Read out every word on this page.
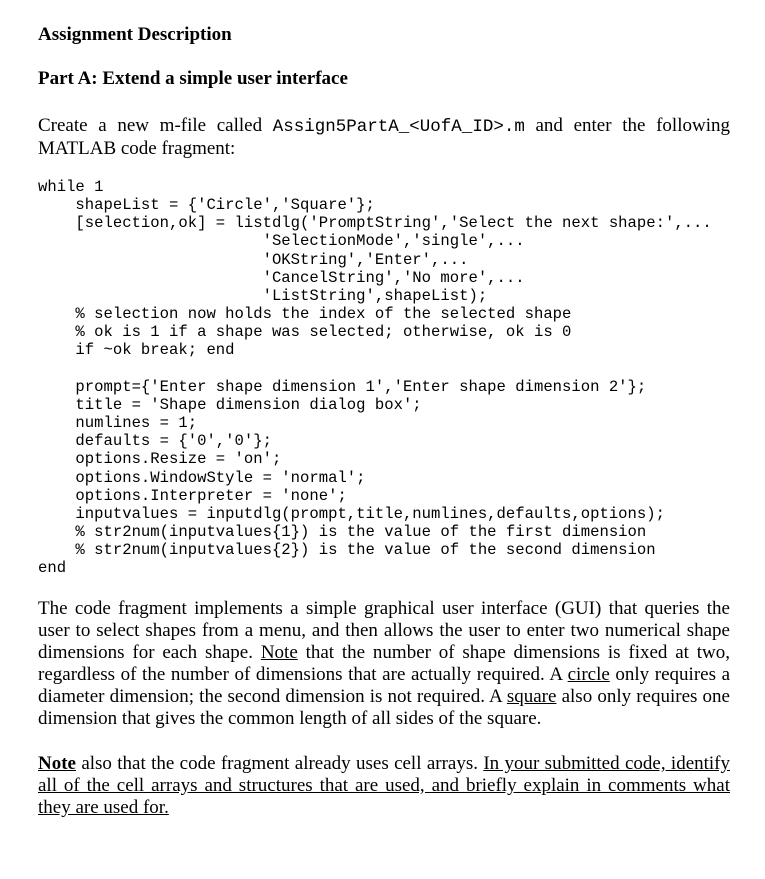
Assignment Description
Part A: Extend a simple user interface
Create a new m-file called Assign5PartA_<UofA_ID>.m and enter the following MATLAB code fragment:
while 1
shapeList = {'Circle','Square'};
[selection,ok] = listdlg('PromptString','Select the next shape:',...
'SelectionMode','single',...
'OKString','Enter',...
'CancelString','No more',...
'ListString',shapeList);
% selection now holds the index of the selected shape
% ok is 1 if a shape was selected; otherwise, ok is 0
if ~ok break; end

prompt={'Enter shape dimension 1','Enter shape dimension 2'};
title = 'Shape dimension dialog box';
numlines = 1;
defaults = {'0','0'};
options.Resize = 'on';
options.WindowStyle = 'normal';
options.Interpreter = 'none';
inputvalues = inputdlg(prompt,title,numlines,defaults,options);
% str2num(inputvalues{1}) is the value of the first dimension
% str2num(inputvalues{2}) is the value of the second dimension
end
The code fragment implements a simple graphical user interface (GUI) that queries the user to select shapes from a menu, and then allows the user to enter two numerical shape dimensions for each shape. Note that the number of shape dimensions is fixed at two, regardless of the number of dimensions that are actually required. A circle only requires a diameter dimension; the second dimension is not required. A square also only requires one dimension that gives the common length of all sides of the square.
Note also that the code fragment already uses cell arrays. In your submitted code, identify all of the cell arrays and structures that are used, and briefly explain in comments what they are used for.
